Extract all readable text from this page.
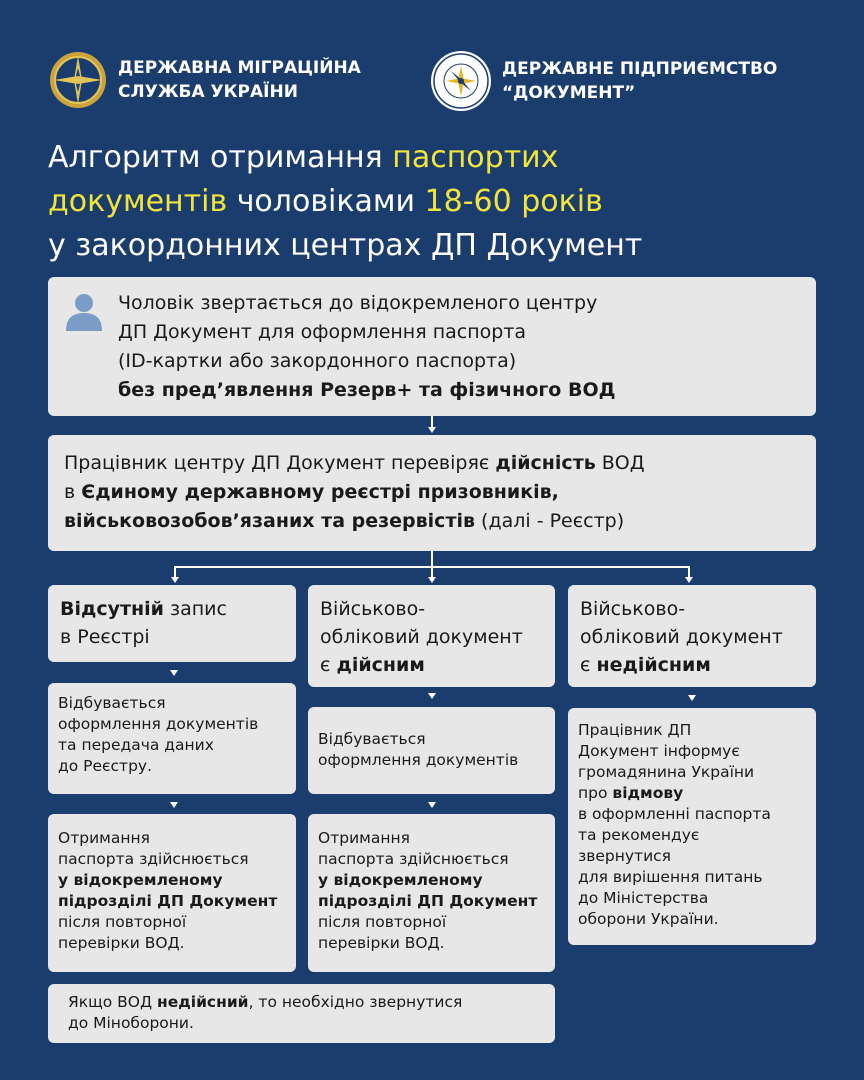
ДЕРЖАВНА МІГРАЦІЙНА
СЛУЖБА УКРАЇНИ
ДЕРЖАВНЕ ПІДПРИЄМСТВО
“ДОКУМЕНТ”
Алгоритм отримання паспортих
документів чоловіками 18-60 років
у закордонних центрах ДП Документ
Чоловік звертається до відокремленого центру
ДП Документ для оформлення паспорта
(ID-картки або закордонного паспорта)
без пред’явлення Резерв+ та фізичного ВОД
Працівник центру ДП Документ перевіряє дійсність ВОД
в Єдиному державному реєстрі призовників,
військовозобов’язаних та резервістів (далі - Реєстр)
Відсутній запис
в Реєстрі
Відбувається
оформлення документів
та передача даних
до Реєстру.
Отримання
паспорта здійснюється
у відокремленому
підрозділі ДП Документ
після повторної
перевірки ВОД.
Військово-
обліковий документ
є дійсним
Відбувається
оформлення документів
Отримання
паспорта здійснюється
у відокремленому
підрозділі ДП Документ
після повторної
перевірки ВОД.
Військово-
обліковий документ
є недійсним
Працівник ДП
Документ інформує
громадянина України
про відмову
в оформленні паспорта
та рекомендує
звернутися
для вирішення питань
до Міністерства
оборони України.
Якщо ВОД недійсний, то необхідно звернутися
до Міноборони.
